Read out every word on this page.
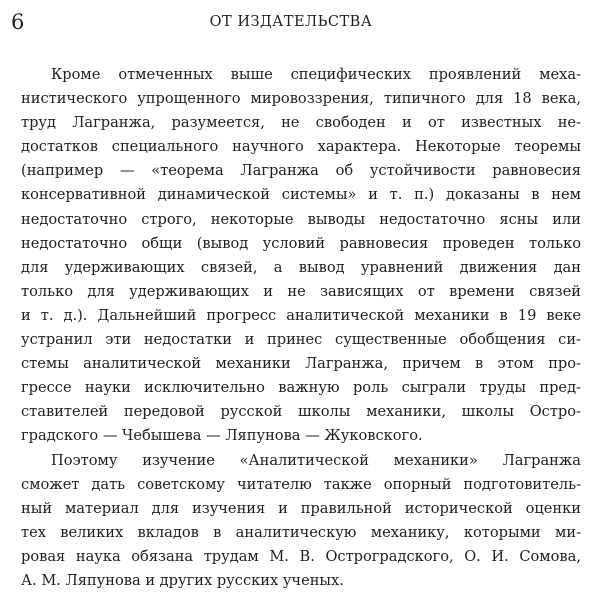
6	ОТ ИЗДАТЕЛЬСТВА
Кроме отмеченных выше специфических проявлений меха-
нистического упрощенного мировоззрения, типичного для 18 века,
труд Лагранжа, разумеется, не свободен и от известных не-
достатков специального научного характера. Некоторые теоремы
(например — «теорема Лагранжа об устойчивости равновесия
консервативной динамической системы» и т. п.) доказаны в нем
недостаточно строго, некоторые выводы недостаточно ясны или
недостаточно общи (вывод условий равновесия проведен только
для удерживающих связей, а вывод уравнений движения дан
только для удерживающих и не зависящих от времени связей
и т. д.). Дальнейший прогресс аналитической механики в 19 веке
устранил эти недостатки и принес существенные обобщения си-
стемы аналитической механики Лагранжа, причем в этом про-
грессе науки исключительно важную роль сыграли труды пред-
ставителей передовой русской школы механики, школы Остро-
градского — Чебышева — Ляпунова — Жуковского.
Поэтому изучение «Аналитической механики» Лагранжа
сможет дать советскому читателю также опорный подготовитель-
ный материал для изучения и правильной исторической оценки
тех великих вкладов в аналитическую механику, которыми ми-
ровая наука обязана трудам М. В. Остроградского, О. И. Сомова,
А. М. Ляпунова и других русских ученых.
